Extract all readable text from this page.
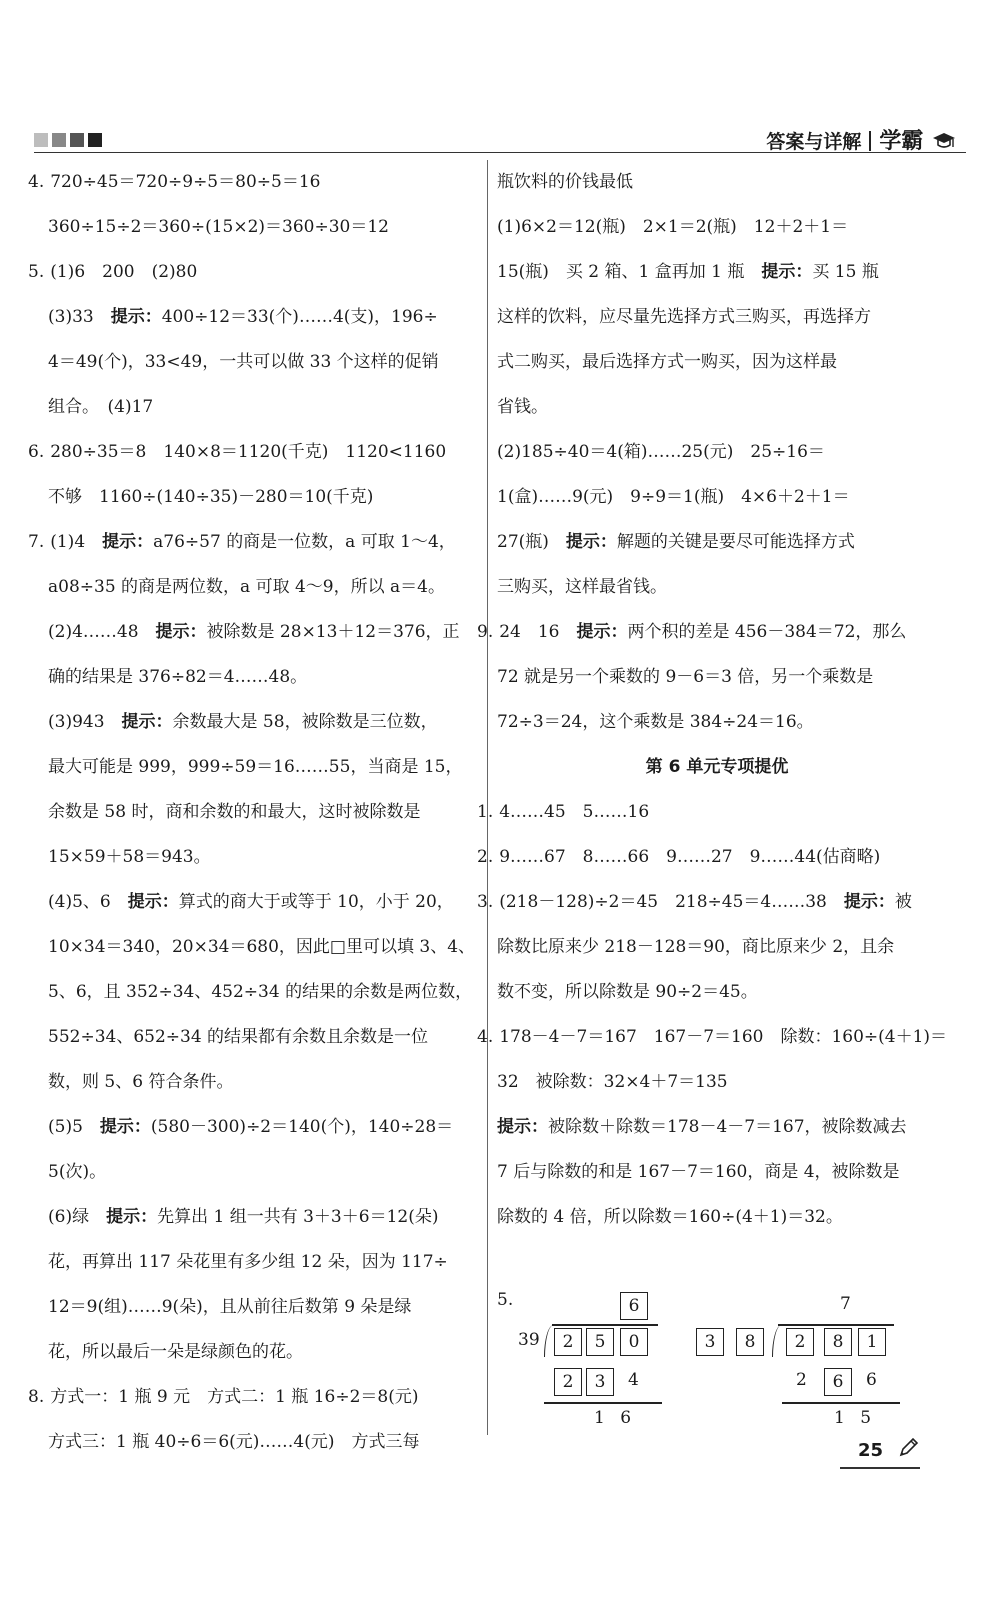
答案与详解 学霸
4. 720÷45＝720÷9÷5＝80÷5＝16
360÷15÷2＝360÷(15×2)＝360÷30＝12
5. (1)6　200　(2)80
(3)33　提示：400÷12＝33(个)……4(支)，196÷
4＝49(个)，33<49，一共可以做 33 个这样的促销
组合。　(4)17
6. 280÷35＝8　140×8＝1120(千克)　1120<1160
不够　1160÷(140÷35)－280＝10(千克)
7. (1)4　提示：a76÷57 的商是一位数，a 可取 1～4，
a08÷35 的商是两位数，a 可取 4～9，所以 a＝4。
(2)4……48　提示：被除数是 28×13＋12＝376，正
确的结果是 376÷82＝4……48。
(3)943　提示：余数最大是 58，被除数是三位数，
最大可能是 999，999÷59＝16……55，当商是 15，
余数是 58 时，商和余数的和最大，这时被除数是
15×59＋58＝943。
(4)5、6　提示：算式的商大于或等于 10，小于 20，
10×34＝340，20×34＝680，因此□里可以填 3、4、
5、6，且 352÷34、452÷34 的结果的余数是两位数，
552÷34、652÷34 的结果都有余数且余数是一位
数，则 5、6 符合条件。
(5)5　提示：(580－300)÷2＝140(个)，140÷28＝
5(次)。
(6)绿　提示：先算出 1 组一共有 3＋3＋6＝12(朵)
花，再算出 117 朵花里有多少组 12 朵，因为 117÷
12＝9(组)……9(朵)，且从前往后数第 9 朵是绿
花，所以最后一朵是绿颜色的花。
8. 方式一：1 瓶 9 元　方式二：1 瓶 16÷2＝8(元)
方式三：1 瓶 40÷6＝6(元)……4(元)　方式三每
瓶饮料的价钱最低
(1)6×2＝12(瓶)　2×1＝2(瓶)　12＋2＋1＝
15(瓶)　买 2 箱、1 盒再加 1 瓶　提示：买 15 瓶
这样的饮料，应尽量先选择方式三购买，再选择方
式二购买，最后选择方式一购买，因为这样最
省钱。
(2)185÷40＝4(箱)……25(元)　25÷16＝
1(盒)……9(元)　9÷9＝1(瓶)　4×6＋2＋1＝
27(瓶)　提示：解题的关键是要尽可能选择方式
三购买，这样最省钱。
9. 24　16　提示：两个积的差是 456－384＝72，那么
72 就是另一个乘数的 9－6＝3 倍，另一个乘数是
72÷3＝24，这个乘数是 384÷24＝16。
第 6 单元专项提优
1. 4……45　5……16
2. 9……67　8……66　9……27　9……44(估商略)
3. (218－128)÷2＝45　218÷45＝4……38　提示：被
除数比原来少 218－128＝90，商比原来少 2，且余
数不变，所以除数是 90÷2＝45。
4. 178－4－7＝167　167－7＝160　除数：160÷(4＋1)＝
32　被除数：32×4＋7＝135
提示：被除数＋除数＝178－4－7＝167，被除数减去
7 后与除数的和是 167－7＝160，商是 4，被除数是
除数的 4 倍，所以除数＝160÷(4＋1)＝32。
5.	6
39	2	5	0
2	3	4
1 6
7
3	8	2	8	1
2	6	6
1 5
25
